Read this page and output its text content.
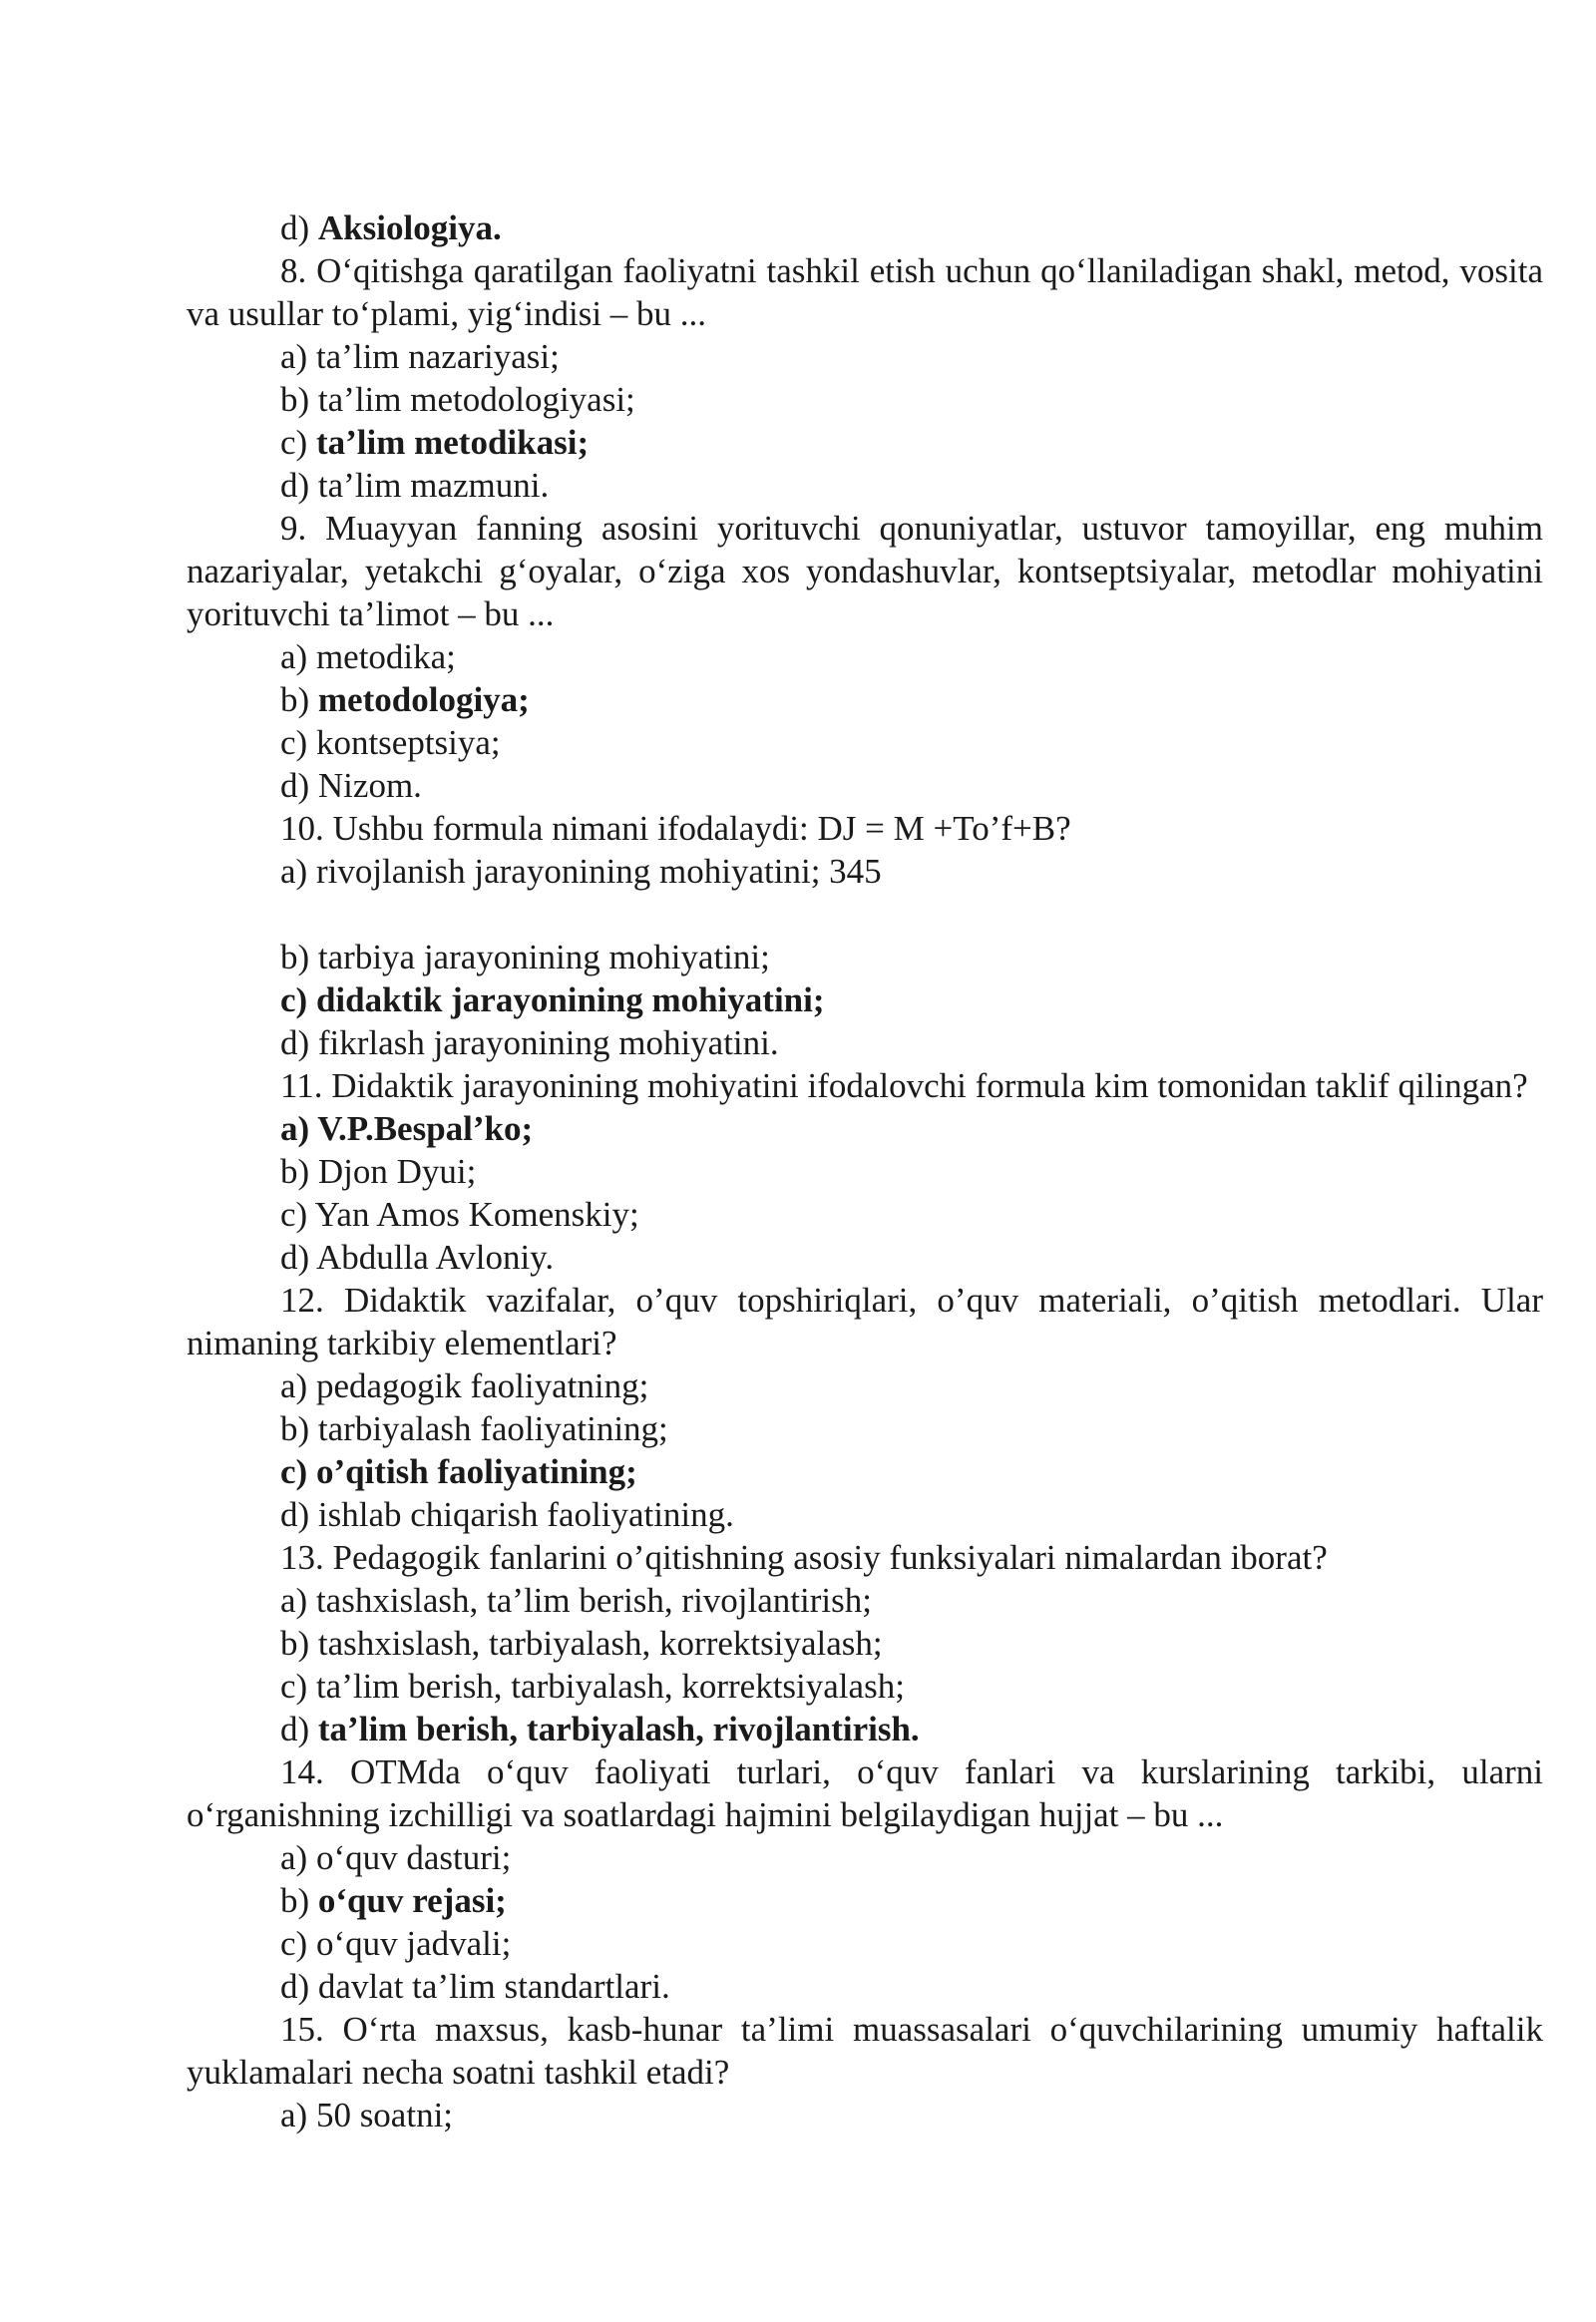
d) Aksiologiya.
8. O‘qitishga qaratilgan faoliyatni tashkil etish uchun qo‘llaniladigan shakl, metod, vosita va usullar to‘plami, yig‘indisi – bu ...
a) ta’lim nazariyasi;
b) ta’lim metodologiyasi;
c) ta’lim metodikasi;
d) ta’lim mazmuni.
9. Muayyan fanning asosini yorituvchi qonuniyatlar, ustuvor tamoyillar, eng muhim nazariyalar, yetakchi g‘oyalar, o‘ziga xos yondashuvlar, kontseptsiyalar, metodlar mohiyatini yorituvchi ta’limot – bu ...
a) metodika;
b) metodologiya;
c) kontseptsiya;
d) Nizom.
10. Ushbu formula nimani ifodalaydi: DJ = M +To’f+B?
a) rivojlanish jarayonining mohiyatini; 345
b) tarbiya jarayonining mohiyatini;
c) didaktik jarayonining mohiyatini;
d) fikrlash jarayonining mohiyatini.
11. Didaktik jarayonining mohiyatini ifodalovchi formula kim tomonidan taklif qilingan?
a) V.P.Bespal’ko;
b) Djon Dyui;
c) Yan Amos Komenskiy;
d) Abdulla Avloniy.
12. Didaktik vazifalar, o’quv topshiriqlari, o’quv materiali, o’qitish metodlari. Ular nimaning tarkibiy elementlari?
a) pedagogik faoliyatning;
b) tarbiyalash faoliyatining;
c) o’qitish faoliyatining;
d) ishlab chiqarish faoliyatining.
13. Pedagogik fanlarini o’qitishning asosiy funksiyalari nimalardan iborat?
a) tashxislash, ta’lim berish, rivojlantirish;
b) tashxislash, tarbiyalash, korrektsiyalash;
c) ta’lim berish, tarbiyalash, korrektsiyalash;
d) ta’lim berish, tarbiyalash, rivojlantirish.
14. OTMda o‘quv faoliyati turlari, o‘quv fanlari va kurslarining tarkibi, ularni o‘rganishning izchilligi va soatlardagi hajmini belgilaydigan hujjat – bu ...
a) o‘quv dasturi;
b) o‘quv rejasi;
c) o‘quv jadvali;
d) davlat ta’lim standartlari.
15. O‘rta maxsus, kasb-hunar ta’limi muassasalari o‘quvchilarining umumiy haftalik yuklamalari necha soatni tashkil etadi?
a) 50 soatni;
